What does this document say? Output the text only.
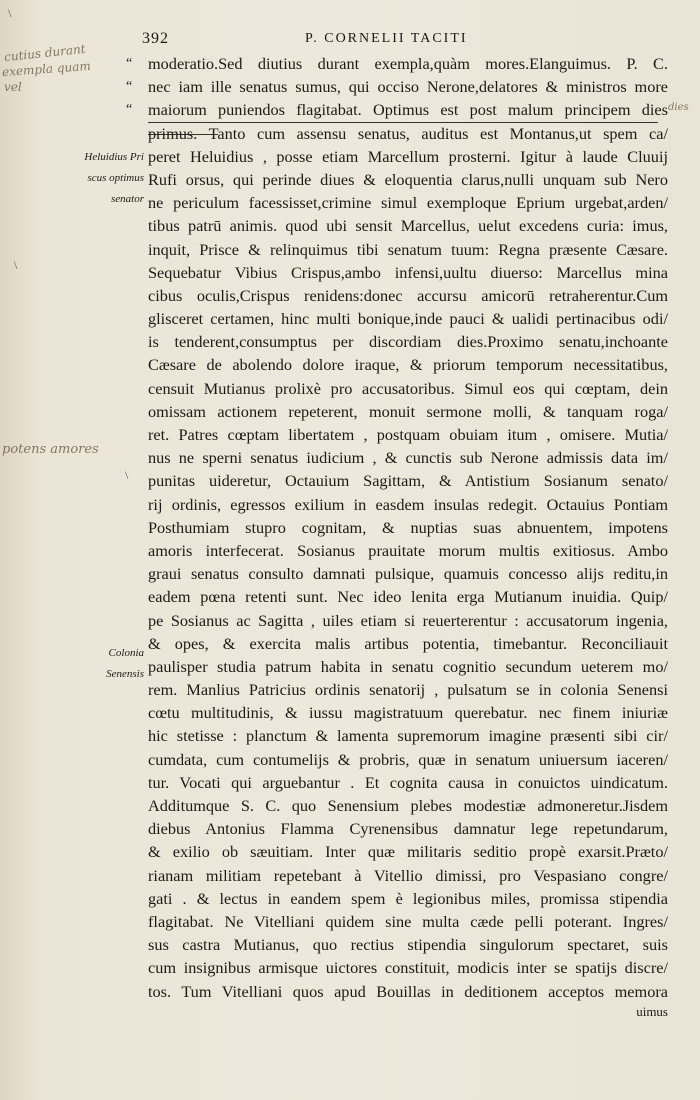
392	P. CORNELII TACITI
cutius durant
exempla quam
vel
dies
potens amores
\
\
\
Heluidius Pri
scus optimus
senator
Colonia
Senensis
“ moderatio.Sed diutius durant exempla,quàm mores.Elanguimus. P. C.
“ nec iam ille senatus sumus, qui occiso Nerone,delatores & ministros more
“ maiorum puniendos flagitabat. Optimus est post malum principem dies
primus. Tanto cum assensu senatus, auditus est Montanus,ut spem ca/
peret Heluidius , posse etiam Marcellum prosterni. Igitur à laude Cluuij
Rufi orsus, qui perinde diues & eloquentia clarus,nulli unquam sub Nero
ne periculum facessisset,crimine simul exemploque Eprium urgebat,arden/
tibus patrū animis. quod ubi sensit Marcellus, uelut excedens curia: imus,
inquit, Prisce & relinquimus tibi senatum tuum: Regna præsente Cæsare.
Sequebatur Vibius Crispus,ambo infensi,uultu diuerso: Marcellus mina
cibus oculis,Crispus renidens:donec accursu amicorū retraherentur.Cum
glisceret certamen, hinc multi bonique,inde pauci & ualidi pertinacibus odi/
is tenderent,consumptus per discordiam dies.Proximo senatu,inchoante
Cæsare de abolendo dolore iraque, & priorum temporum necessitatibus,
censuit Mutianus prolixè pro accusatoribus. Simul eos qui cœptam, dein
omissam actionem repeterent, monuit sermone molli, & tanquam roga/
ret. Patres cœptam libertatem , postquam obuiam itum , omisere. Mutia/
nus ne sperni senatus iudicium , & cunctis sub Nerone admissis data im/
punitas uideretur, Octauium Sagittam, & Antistium Sosianum senato/
rij ordinis, egressos exilium in easdem insulas redegit. Octauius Pontiam
Posthumiam stupro cognitam, & nuptias suas abnuentem, impotens
amoris interfecerat. Sosianus prauitate morum multis exitiosus. Ambo
graui senatus consulto damnati pulsique, quamuis concesso alijs reditu,in
eadem pœna retenti sunt. Nec ideo lenita erga Mutianum inuidia. Quip/
pe Sosianus ac Sagitta , uiles etiam si reuerterentur : accusatorum ingenia,
& opes, & exercita malis artibus potentia, timebantur. Reconciliauit
paulisper studia patrum habita in senatu cognitio secundum ueterem mo/
rem. Manlius Patricius ordinis senatorij , pulsatum se in colonia Senensi
cœtu multitudinis, & iussu magistratuum querebatur. nec finem iniuriæ
hic stetisse : planctum & lamenta supremorum imagine præsenti sibi cir/
cumdata, cum contumelijs & probris, quæ in senatum uniuersum iaceren/
tur. Vocati qui arguebantur . Et cognita causa in conuictos uindicatum.
Additumque S. C. quo Senensium plebes modestiæ admoneretur.Jisdem
diebus Antonius Flamma Cyrenensibus damnatur lege repetundarum,
& exilio ob sæuitiam. Inter quæ militaris seditio propè exarsit.Præto/
rianam militiam repetebant à Vitellio dimissi, pro Vespasiano congre/
gati . & lectus in eandem spem è legionibus miles, promissa stipendia
flagitabat. Ne Vitelliani quidem sine multa cæde pelli poterant. Ingres/
sus castra Mutianus, quo rectius stipendia singulorum spectaret, suis
cum insignibus armisque uictores constituit, modicis inter se spatijs discre/
tos. Tum Vitelliani quos apud Bouillas in deditionem acceptos memora
uimus
